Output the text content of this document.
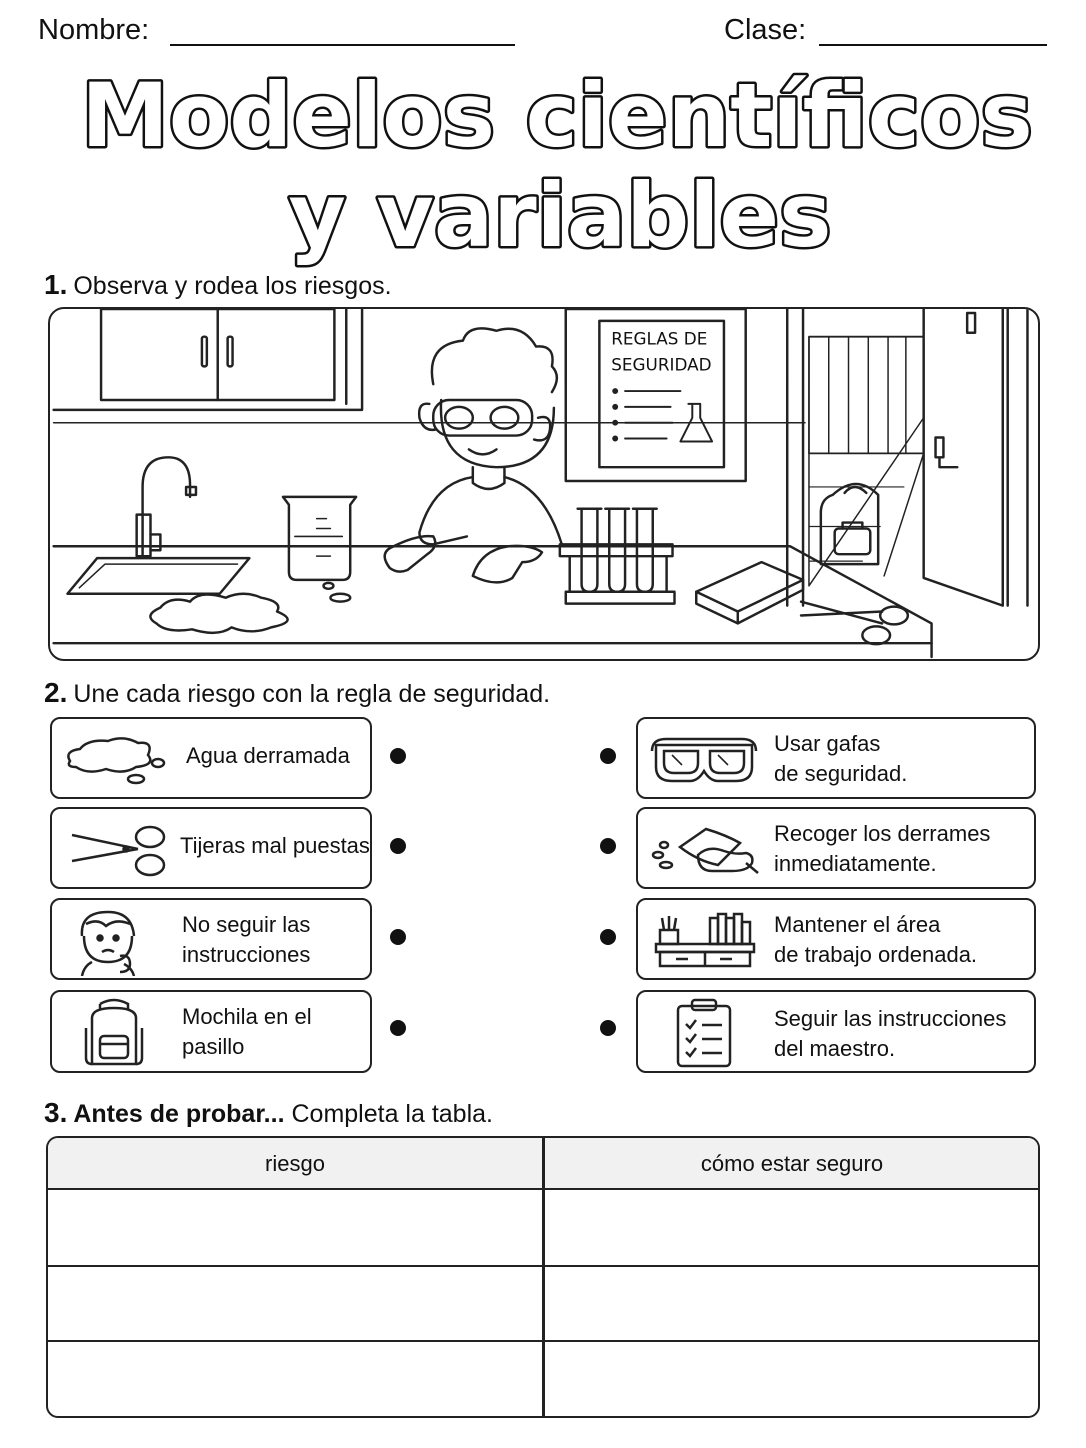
Nombre:	Clase:
Modelos científicos
y variables
1. Observa y rodea los riesgos.
REGLAS DE
SEGURIDAD
2. Une cada riesgo con la regla de seguridad.
Agua derramada
Tijeras mal puestas
No seguir las
instrucciones
Mochila en el
pasillo
Usar gafas
de seguridad.
Recoger los derrames
inmediatamente.
Mantener el área
de trabajo ordenada.
Seguir las instrucciones
del maestro.
3. Antes de probar... Completa la tabla.
riesgo	cómo estar seguro
